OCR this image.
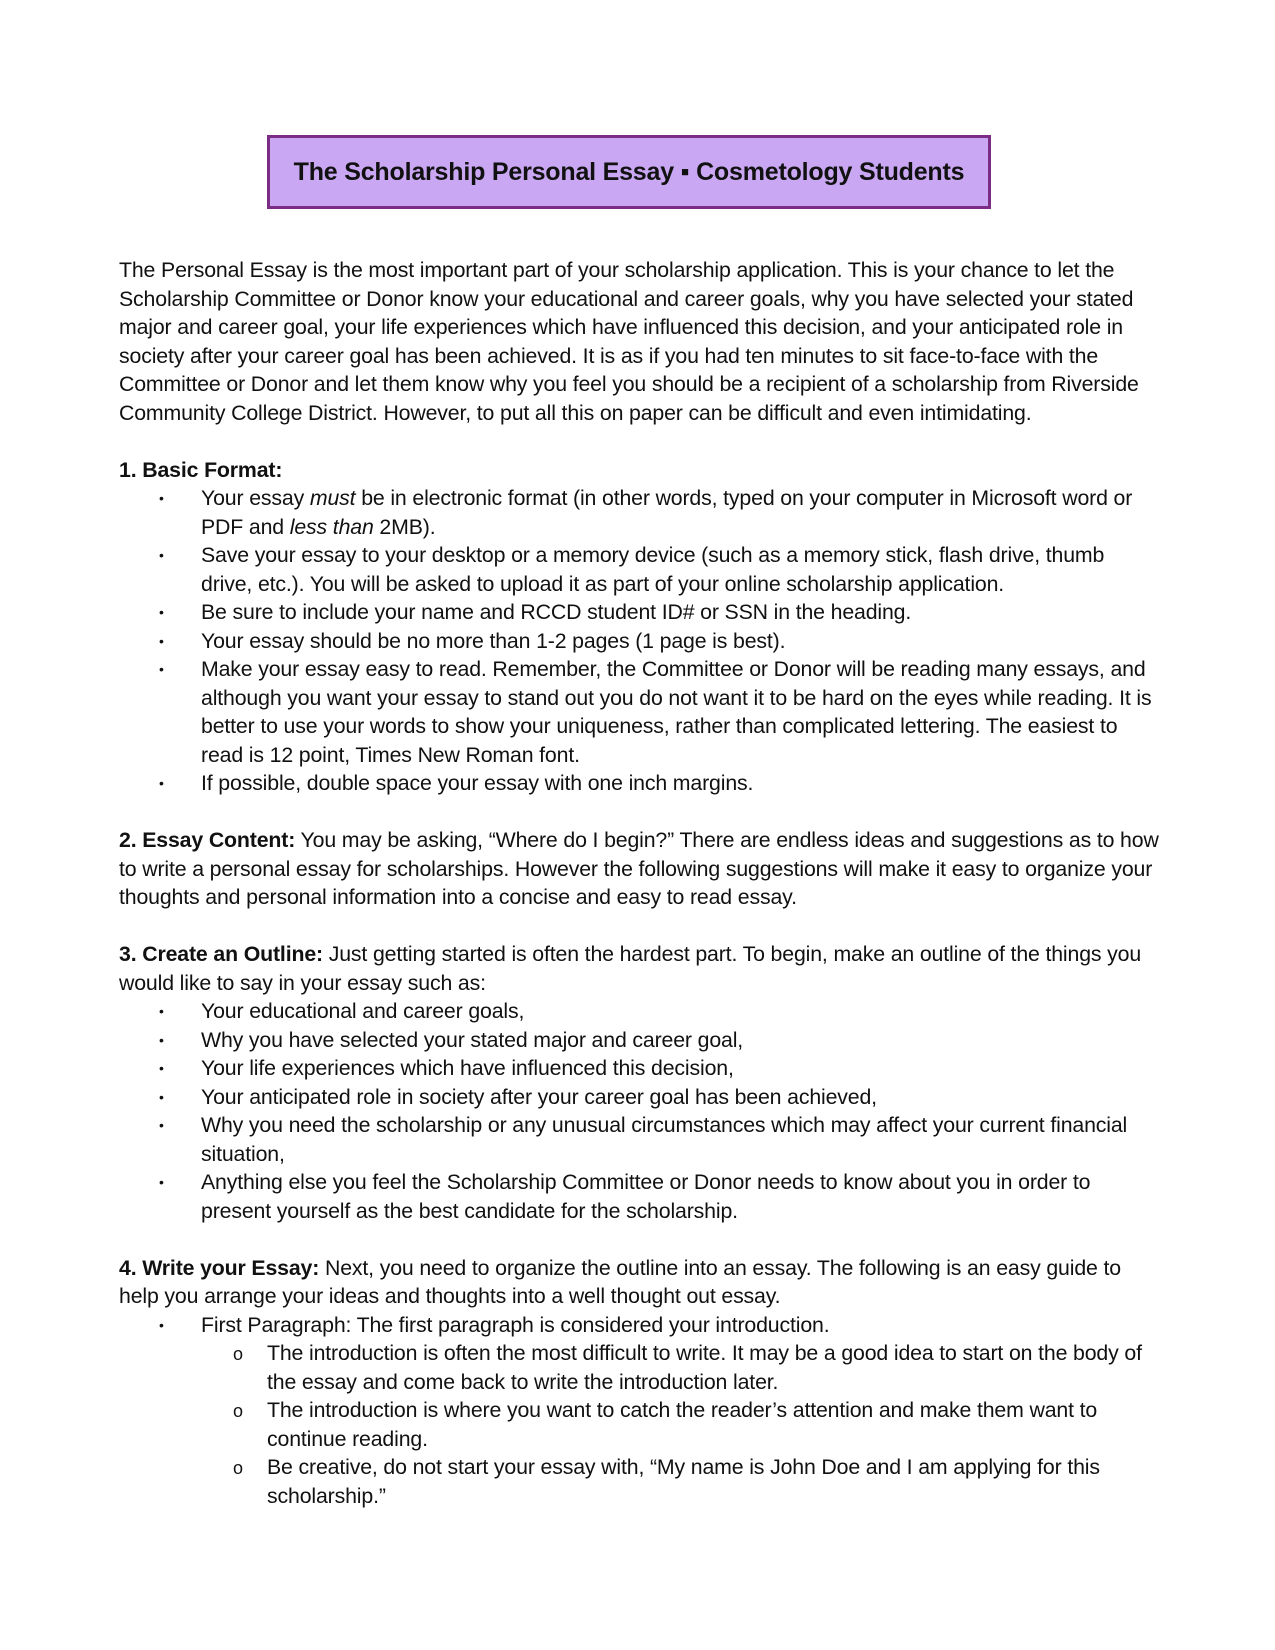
The Scholarship Personal Essay ▪ Cosmetology Students

The Personal Essay is the most important part of your scholarship application. This is your chance to let the Scholarship Committee or Donor know your educational and career goals, why you have selected your stated major and career goal, your life experiences which have influenced this decision, and your anticipated role in society after your career goal has been achieved. It is as if you had ten minutes to sit face-to-face with the Committee or Donor and let them know why you feel you should be a recipient of a scholarship from Riverside Community College District. However, to put all this on paper can be difficult and even intimidating.

1. Basic Format:

• Your essay must be in electronic format (in other words, typed on your computer in Microsoft word or PDF and less than 2MB).
• Save your essay to your desktop or a memory device (such as a memory stick, flash drive, thumb drive, etc.). You will be asked to upload it as part of your online scholarship application.
• Be sure to include your name and RCCD student ID# or SSN in the heading.
• Your essay should be no more than 1-2 pages (1 page is best).
• Make your essay easy to read. Remember, the Committee or Donor will be reading many essays, and although you want your essay to stand out you do not want it to be hard on the eyes while reading. It is better to use your words to show your uniqueness, rather than complicated lettering. The easiest to read is 12 point, Times New Roman font.
• If possible, double space your essay with one inch margins.

2. Essay Content: You may be asking, “Where do I begin?” There are endless ideas and suggestions as to how to write a personal essay for scholarships. However the following suggestions will make it easy to organize your thoughts and personal information into a concise and easy to read essay.

3. Create an Outline: Just getting started is often the hardest part. To begin, make an outline of the things you would like to say in your essay such as:

• Your educational and career goals,
• Why you have selected your stated major and career goal,
• Your life experiences which have influenced this decision,
• Your anticipated role in society after your career goal has been achieved,
• Why you need the scholarship or any unusual circumstances which may affect your current financial situation,
• Anything else you feel the Scholarship Committee or Donor needs to know about you in order to present yourself as the best candidate for the scholarship.

4. Write your Essay: Next, you need to organize the outline into an essay. The following is an easy guide to help you arrange your ideas and thoughts into a well thought out essay.

• First Paragraph: The first paragraph is considered your introduction.
o The introduction is often the most difficult to write. It may be a good idea to start on the body of the essay and come back to write the introduction later.
o The introduction is where you want to catch the reader’s attention and make them want to continue reading.
o Be creative, do not start your essay with, “My name is John Doe and I am applying for this scholarship.”
